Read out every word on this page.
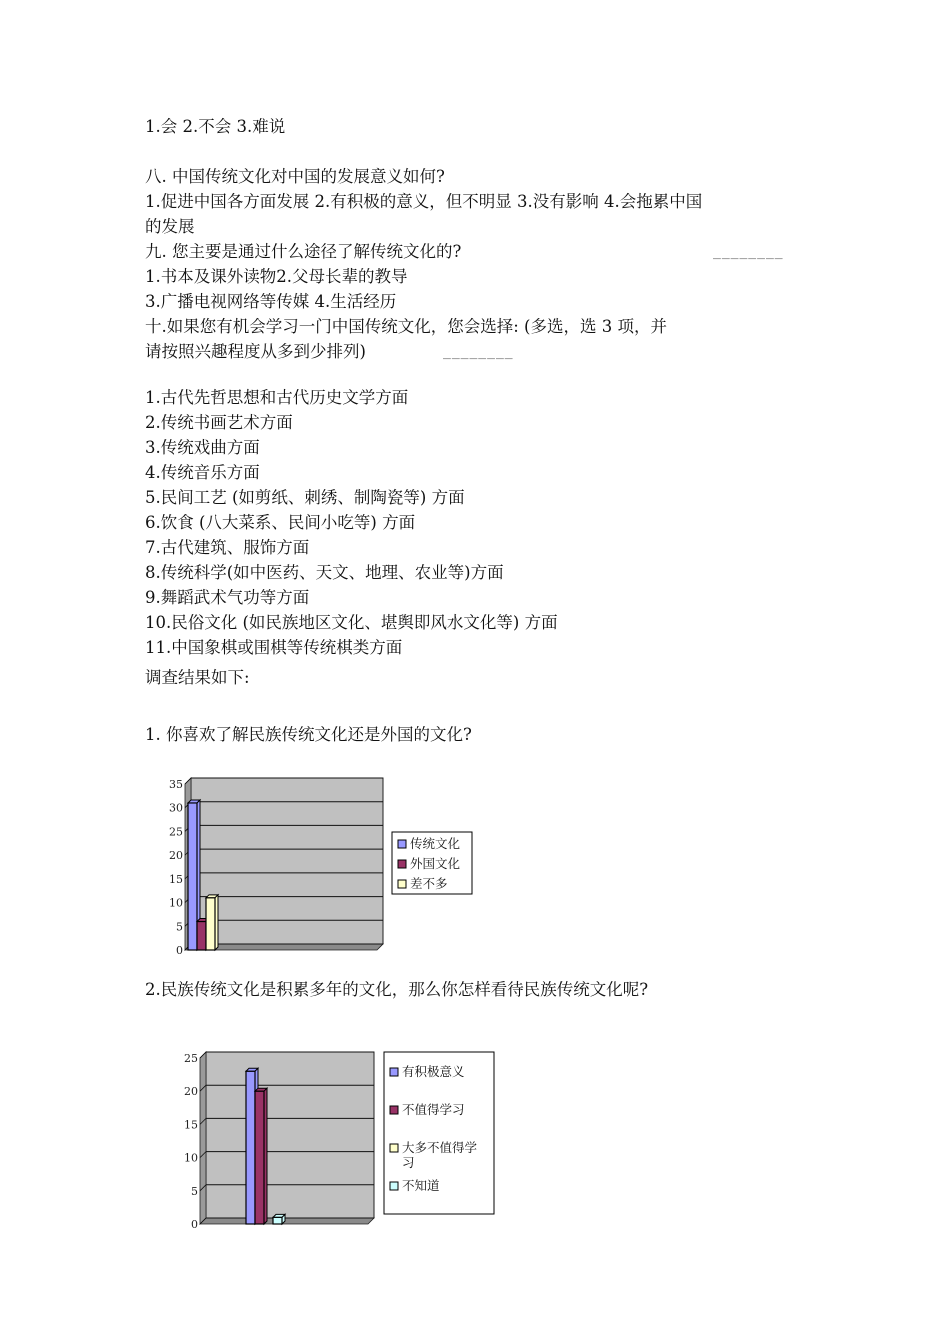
1.会 2.不会 3.难说
八. 中国传统文化对中国的发展意义如何?
1.促进中国各方面发展 2.有积极的意义，但不明显 3.没有影响 4.会拖累中国
的发展
九. 您主要是通过什么途径了解传统文化的?	________
1.书本及课外读物2.父母长辈的教导
3.广播电视网络等传媒 4.生活经历
十.如果您有机会学习一门中国传统文化，您会选择: (多选，选 3 项，并
请按照兴趣程度从多到少排列)	________
1.古代先哲思想和古代历史文学方面
2.传统书画艺术方面
3.传统戏曲方面
4.传统音乐方面
5.民间工艺 (如剪纸、刺绣、制陶瓷等) 方面
6.饮食 (八大菜系、民间小吃等) 方面
7.古代建筑、服饰方面
8.传统科学(如中医药、天文、地理、农业等)方面
9.舞蹈武术气功等方面
10.民俗文化 (如民族地区文化、堪舆即风水文化等) 方面
11.中国象棋或围棋等传统棋类方面
调查结果如下:
1. 你喜欢了解民族传统文化还是外国的文化?
0
5
10
15
20
25
30
35
传统文化
外国文化
差不多
2.民族传统文化是积累多年的文化，那么你怎样看待民族传统文化呢?
0
5
10
15
20
25
有积极意义
不值得学习
大多不值得学习
不知道
